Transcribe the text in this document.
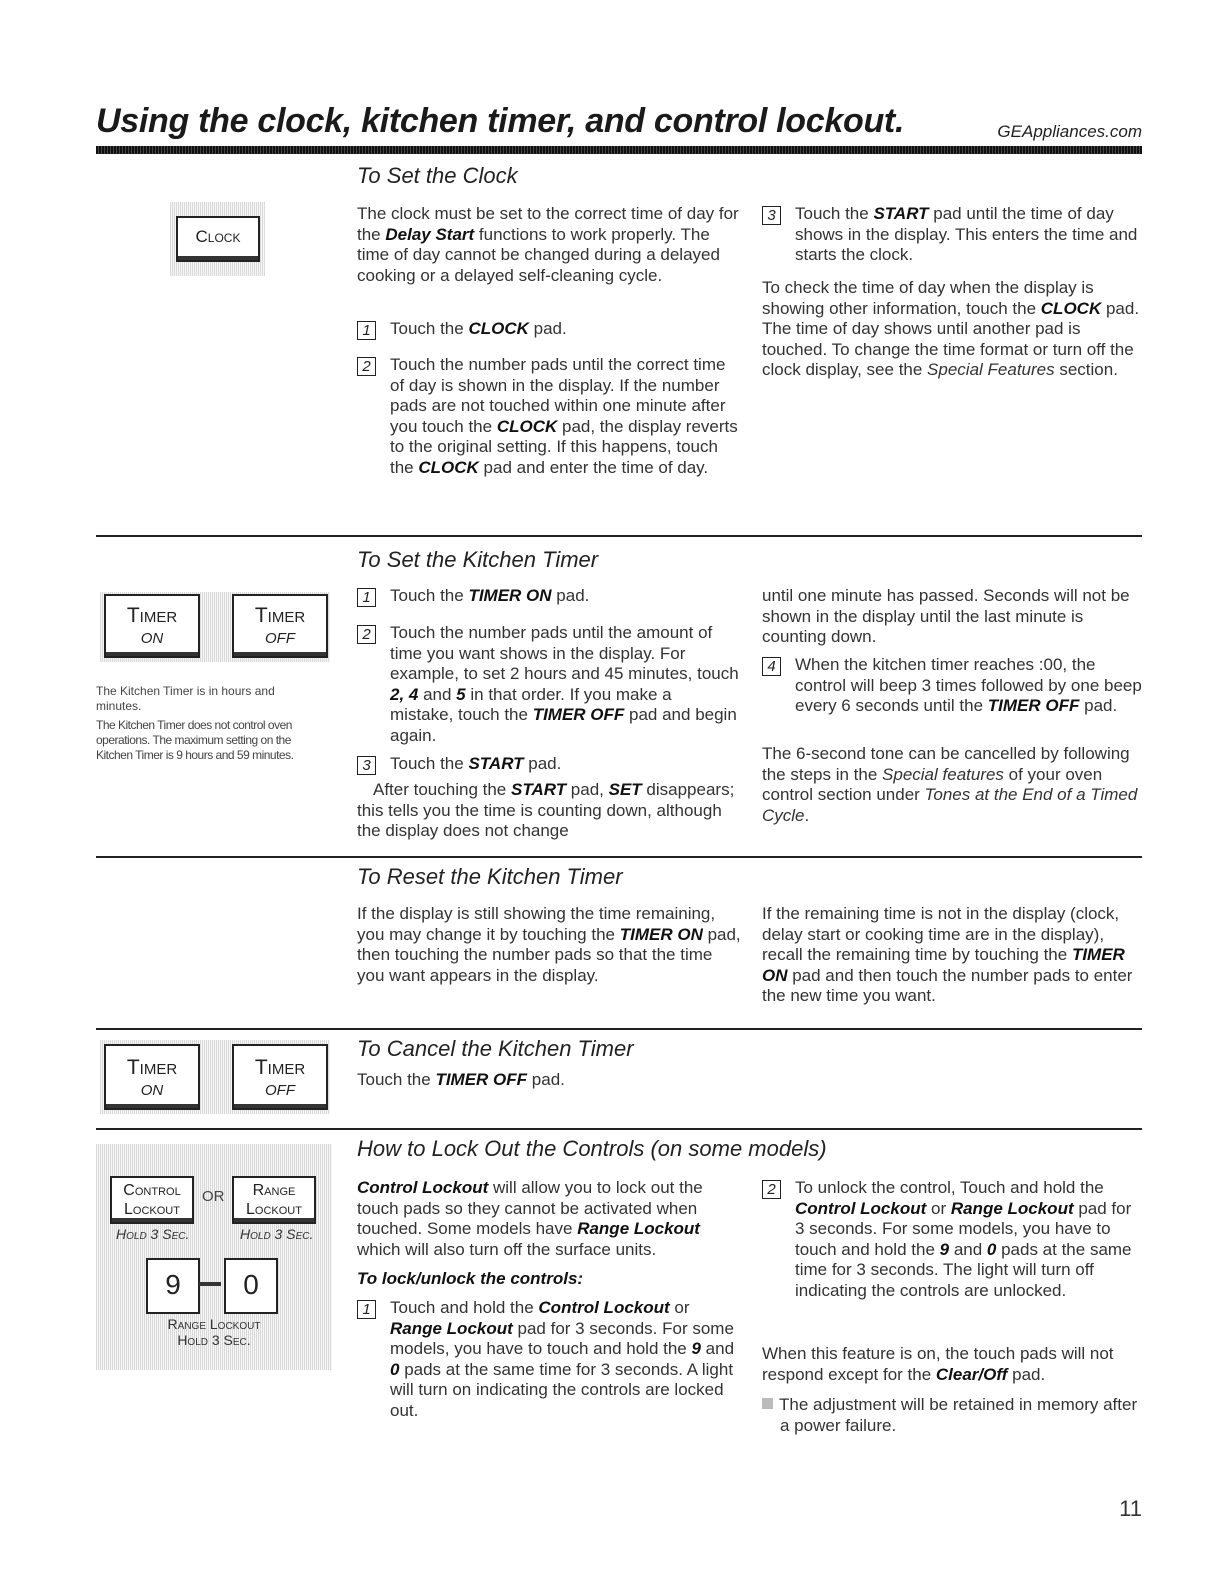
Using the clock, kitchen timer, and control lockout.	GEAppliances.com
Clock
To Set the Clock
The clock must be set to the correct time of day for the Delay Start functions to work properly. The time of day cannot be changed during a delayed cooking or a delayed self-cleaning cycle.
1	Touch the CLOCK pad.
2	Touch the number pads until the correct time of day is shown in the display. If the number pads are not touched within one minute after you touch the CLOCK pad, the display reverts to the original setting. If this happens, touch the CLOCK pad and enter the time of day.
3	Touch the START pad until the time of day shows in the display. This enters the time and starts the clock.
To check the time of day when the display is showing other information, touch the CLOCK pad. The time of day shows until another pad is touched. To change the time format or turn off the clock display, see the Special Features section.
Timer
ON
Timer
OFF
The Kitchen Timer is in hours and minutes.
The Kitchen Timer does not control oven operations. The maximum setting on the Kitchen Timer is 9 hours and 59 minutes.
To Set the Kitchen Timer
1	Touch the TIMER ON pad.
2	Touch the number pads until the amount of time you want shows in the display. For example, to set 2 hours and 45 minutes, touch 2, 4 and 5 in that order. If you make a mistake, touch the TIMER OFF pad and begin again.
3	Touch the START pad.
After touching the START pad, SET disappears; this tells you the time is counting down, although the display does not change
until one minute has passed. Seconds will not be shown in the display until the last minute is counting down.
4	When the kitchen timer reaches :00, the control will beep 3 times followed by one beep every 6 seconds until the TIMER OFF pad.
The 6-second tone can be cancelled by following the steps in the Special features of your oven control section under Tones at the End of a Timed Cycle.
To Reset the Kitchen Timer
If the display is still showing the time remaining, you may change it by touching the TIMER ON pad, then touching the number pads so that the time you want appears in the display.
If the remaining time is not in the display (clock, delay start or cooking time are in the display), recall the remaining time by touching the TIMER ON pad and then touch the number pads to enter the new time you want.
Timer
ON
Timer
OFF
To Cancel the Kitchen Timer
Touch the TIMER OFF pad.
Control
Lockout
OR	Range
Lockout
Hold 3 Sec.	Hold 3 Sec.
9	0
Range Lockout
Hold 3 Sec.
How to Lock Out the Controls (on some models)
Control Lockout will allow you to lock out the touch pads so they cannot be activated when touched. Some models have Range Lockout which will also turn off the surface units.
To lock/unlock the controls:
1	Touch and hold the Control Lockout or Range Lockout pad for 3 seconds. For some models, you have to touch and hold the 9 and 0 pads at the same time for 3 seconds. A light will turn on indicating the controls are locked out.
2	To unlock the control, Touch and hold the Control Lockout or Range Lockout pad for 3 seconds. For some models, you have to touch and hold the 9 and 0 pads at the same time for 3 seconds. The light will turn off indicating the controls are unlocked.
When this feature is on, the touch pads will not respond except for the Clear/Off pad.
The adjustment will be retained in memory after a power failure.
11
